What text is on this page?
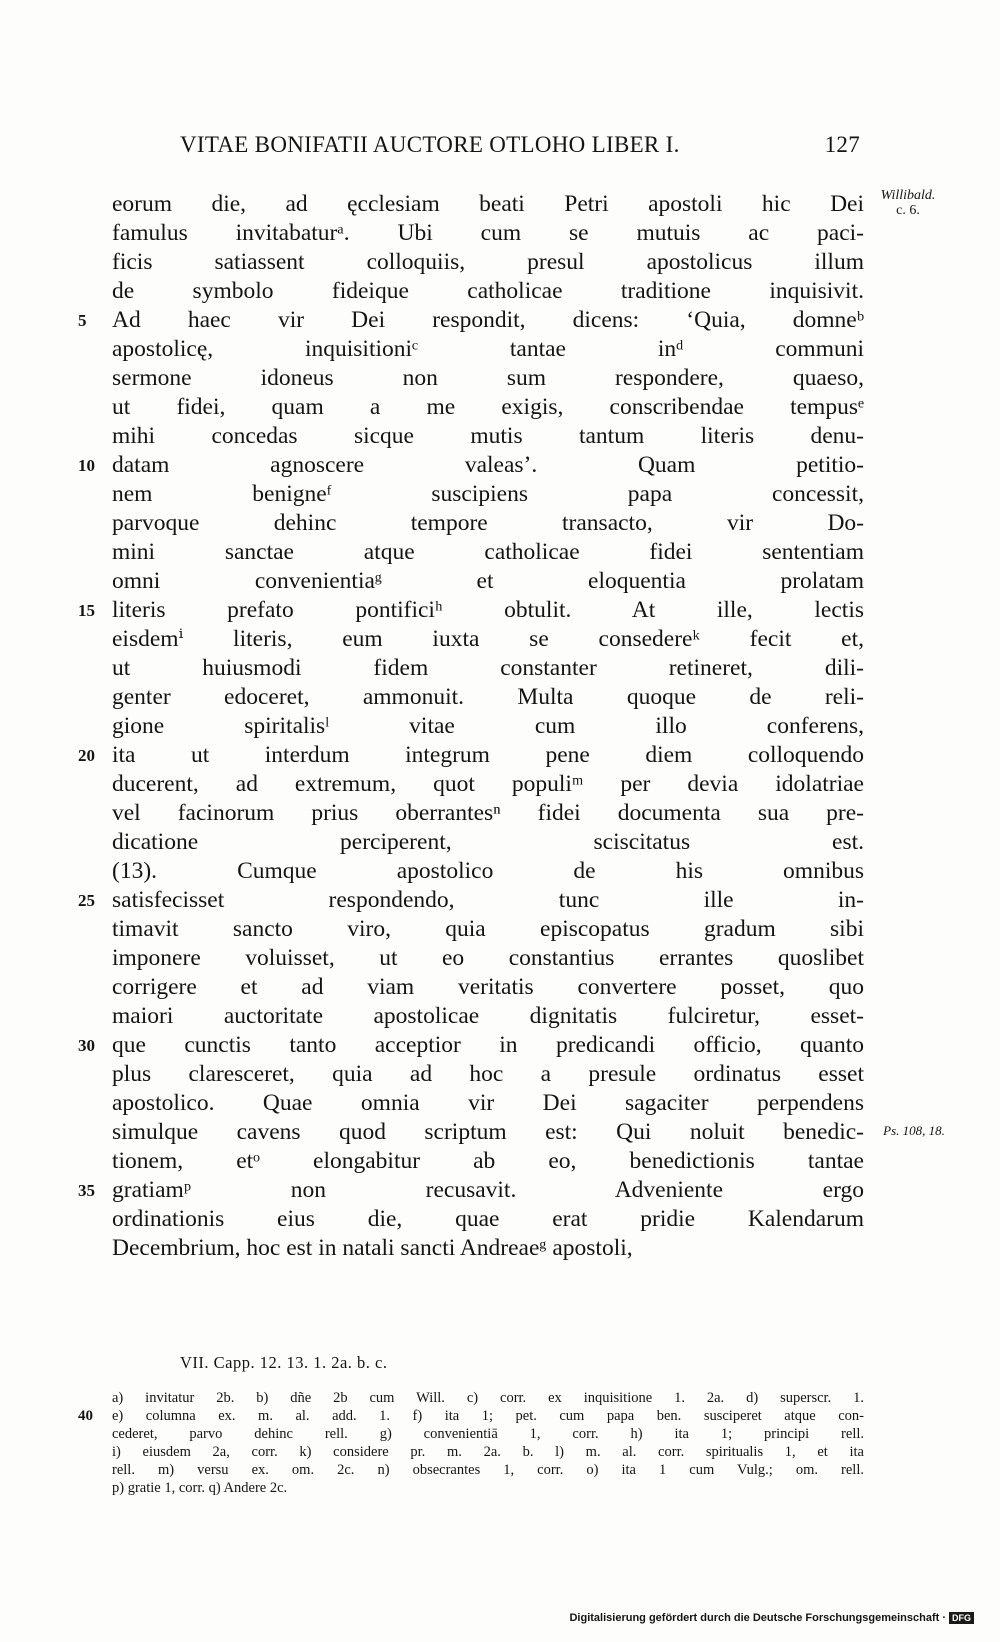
VITAE BONIFATII AUCTORE OTLOHO LIBER I.	127
Willibald.
c. 6.
Ps. 108, 18.
eorum die, ad ęcclesiam beati Petri apostoli hic Dei
famulus invitabaturᵃ. Ubi cum se mutuis ac paci-
ficis satiassent colloquiis, presul apostolicus illum
de symbolo fideique catholicae traditione inquisivit.
5	Ad haec vir Dei respondit, dicens: ‘Quia, domneᵇ
apostolicę, inquisitioniᶜ tantae inᵈ communi
sermone idoneus non sum respondere, quaeso,
ut fidei, quam a me exigis, conscribendae tempusᵉ
mihi concedas sicque mutis tantum literis denu-
10 datam agnoscere valeas’. Quam petitio-
nem benigneᶠ suscipiens papa concessit,
parvoque dehinc tempore transacto, vir Do-
mini sanctae atque catholicae fidei sententiam
omni convenientiaᵍ et eloquentia prolatam
15 literis prefato pontificiʰ obtulit. At ille, lectis
eisdemⁱ literis, eum iuxta se consedereᵏ fecit et,
ut huiusmodi fidem constanter retineret, dili-
genter edoceret, ammonuit. Multa quoque de reli-
gione spiritalisˡ vitae cum illo conferens,
20 ita ut interdum integrum pene diem colloquendo
ducerent, ad extremum, quot populiᵐ per devia idolatriae
vel facinorum prius oberrantesⁿ fidei documenta sua pre-
dicatione perciperent, sciscitatus est.
(13). Cumque apostolico de his omnibus
25 satisfecisset respondendo, tunc ille in-
timavit sancto viro, quia episcopatus gradum sibi
imponere voluisset, ut eo constantius errantes quoslibet
corrigere et ad viam veritatis convertere posset, quo
maiori auctoritate apostolicae dignitatis fulciretur, esset-
30 que cunctis tanto acceptior in predicandi officio, quanto
plus claresceret, quia ad hoc a presule ordinatus esset
apostolico. Quae omnia vir Dei sagaciter perpendens
simulque cavens quod scriptum est: Qui noluit benedic-
tionem, etᵒ elongabitur ab eo, benedictionis tantae
35 gratiamᵖ non recusavit. Adveniente ergo
ordinationis eius die, quae erat pridie Kalendarum
Decembrium, hoc est in natali sancti Andreaeᵍ apostoli,
VII. Capp. 12. 13. 1. 2a. b. c.
a) invitatur 2b. b) dñe 2b cum Will. c) corr. ex inquisitione 1. 2a. d) superscr. 1.
40	e) columna ex. m. al. add. 1. f) ita 1; pet. cum papa ben. susciperet atque con-
cederet, parvo dehinc rell. g) convenientiā 1, corr. h) ita 1; principi rell.
i) eiusdem 2a, corr. k) considere pr. m. 2a. b. l) m. al. corr. spiritualis 1, et ita
rell. m) versu ex. om. 2c. n) obsecrantes 1, corr. o) ita 1 cum Vulg.; om. rell.
p) gratie 1, corr. q) Andere 2c.
Digitalisierung gefördert durch die Deutsche Forschungsgemeinschaft · DFG
